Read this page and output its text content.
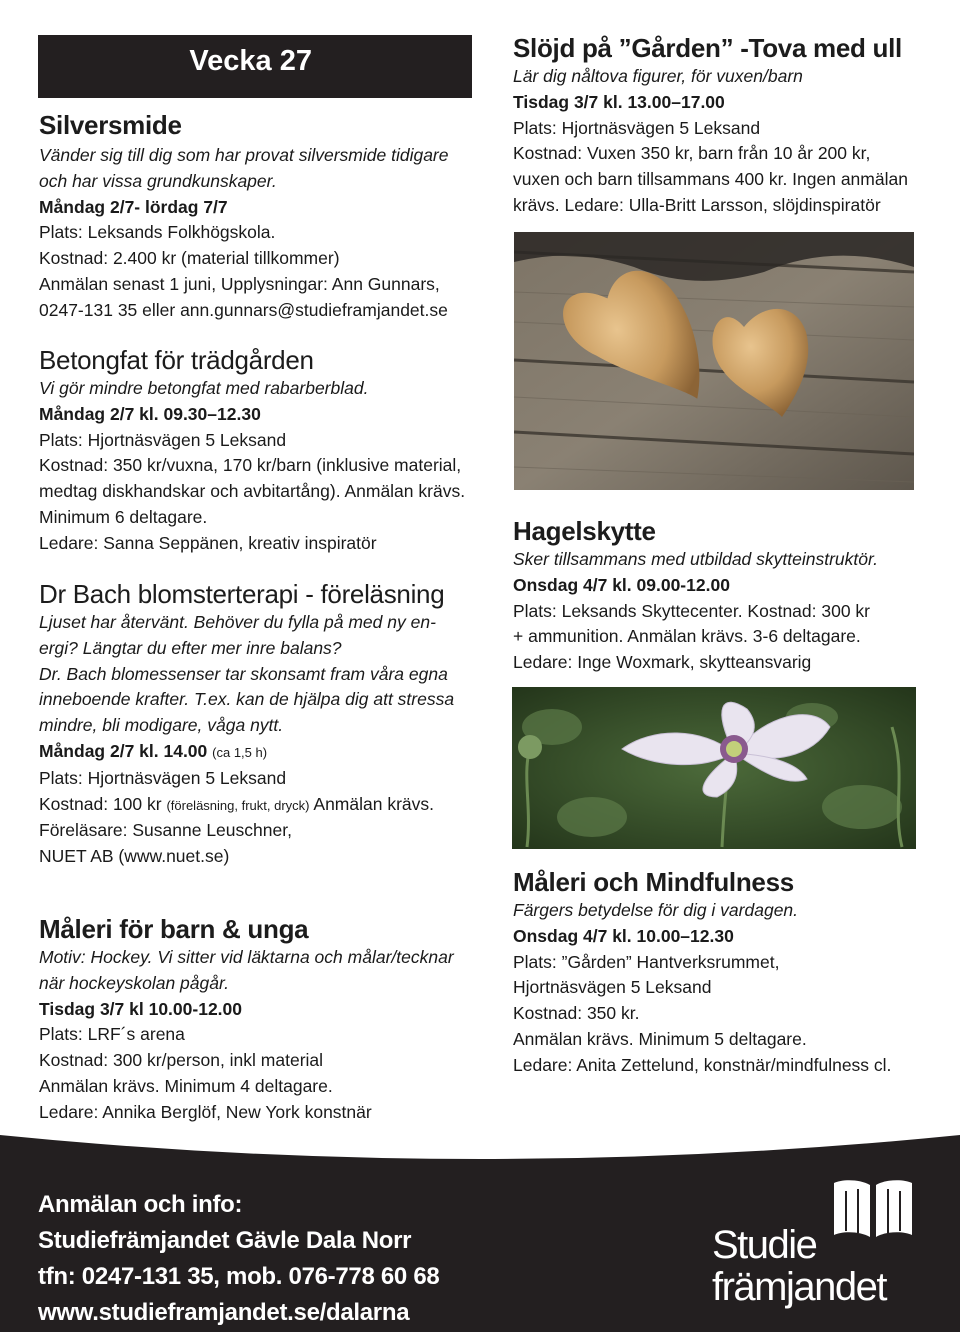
Vecka 27
Silversmide
Vänder sig till dig som har provat silversmide tidigare
och har vissa grundkunskaper.
Måndag 2/7- lördag 7/7
Plats: Leksands Folkhögskola.
Kostnad: 2.400 kr (material tillkommer)
Anmälan senast 1 juni, Upplysningar: Ann Gunnars,
0247-131 35 eller ann.gunnars@studieframjandet.se
Betongfat för trädgården
Vi gör mindre betongfat med rabarberblad.
Måndag 2/7 kl. 09.30–12.30
Plats: Hjortnäsvägen 5 Leksand
Kostnad: 350 kr/vuxna, 170 kr/barn (inklusive material,
medtag diskhandskar och avbitartång). Anmälan krävs.
Minimum 6 deltagare.
Ledare: Sanna Seppänen, kreativ inspiratör
Dr Bach blomsterterapi - föreläsning
Ljuset har återvänt. Behöver du fylla på med ny en-
ergi? Längtar du efter mer inre balans?
Dr. Bach blomessenser tar skonsamt fram våra egna
inneboende krafter. T.ex. kan de hjälpa dig att stressa
mindre, bli modigare, våga nytt.
Måndag 2/7 kl. 14.00 (ca 1,5 h)
Plats: Hjortnäsvägen 5 Leksand
Kostnad: 100 kr (föreläsning, frukt, dryck) Anmälan krävs.
Föreläsare: Susanne Leuschner,
NUET AB (www.nuet.se)
Måleri för barn & unga
Motiv: Hockey. Vi sitter vid läktarna och målar/tecknar
när hockeyskolan pågår.
Tisdag 3/7 kl 10.00-12.00
Plats: LRF´s arena
Kostnad: 300 kr/person, inkl material
Anmälan krävs. Minimum 4 deltagare.
Ledare: Annika Berglöf, New York konstnär
Slöjd på ”Gården” -Tova med ull
Lär dig nåltova figurer, för vuxen/barn
Tisdag 3/7 kl. 13.00–17.00
Plats: Hjortnäsvägen 5 Leksand
Kostnad: Vuxen 350 kr, barn från 10 år 200 kr,
vuxen och barn tillsammans 400 kr. Ingen anmälan
krävs. Ledare: Ulla-Britt Larsson, slöjdinspiratör
Hagelskytte
Sker tillsammans med utbildad skytteinstruktör.
Onsdag 4/7 kl. 09.00-12.00
Plats: Leksands Skyttecenter. Kostnad: 300 kr
+ ammunition. Anmälan krävs. 3-6 deltagare.
Ledare: Inge Woxmark, skytteansvarig
Måleri och Mindfulness
Färgers betydelse för dig i vardagen.
Onsdag 4/7 kl. 10.00–12.30
Plats: ”Gården” Hantverksrummet,
Hjortnäsvägen 5 Leksand
Kostnad: 350 kr.
Anmälan krävs. Minimum 5 deltagare.
Ledare: Anita Zettelund, konstnär/mindfulness cl.
Anmälan och info:
Studiefrämjandet Gävle Dala Norr
tfn: 0247-131 35, mob. 076-778 60 68
www.studieframjandet.se/dalarna
Studie
främjandet
